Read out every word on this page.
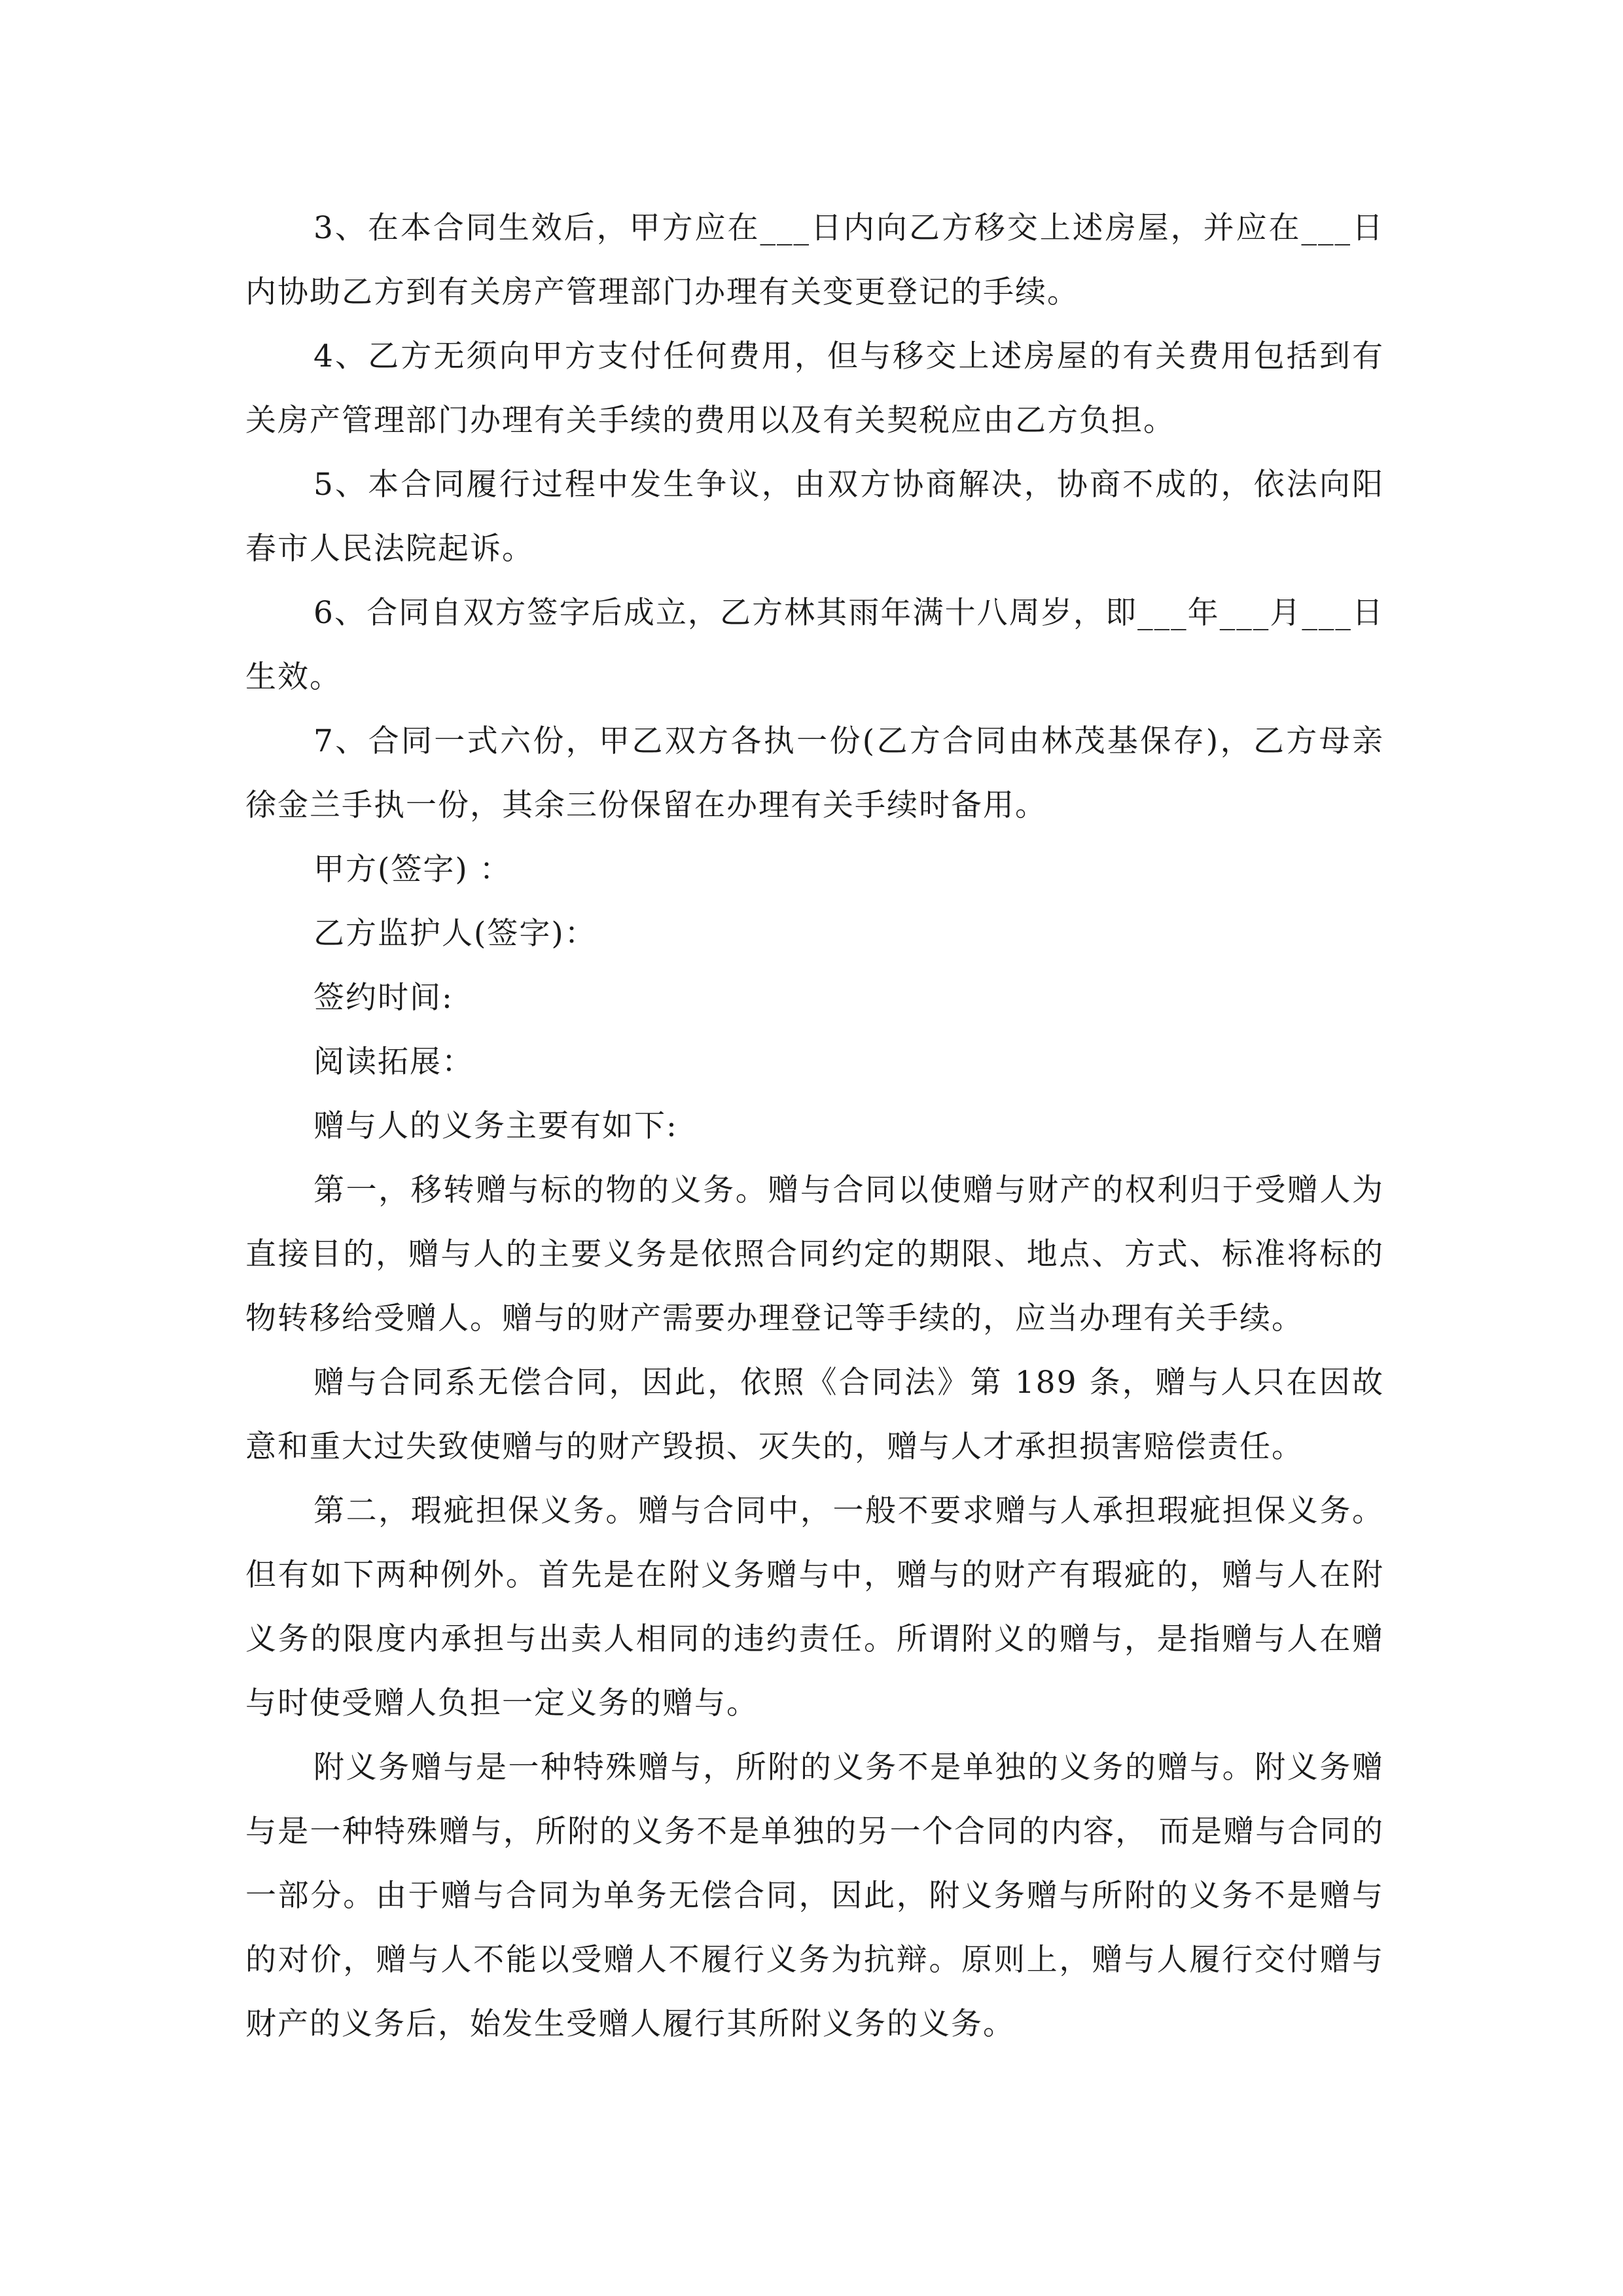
3、在本合同生效后，甲方应在___日内向乙方移交上述房屋，并应在___日内协助乙方到有关房产管理部门办理有关变更登记的手续。

4、乙方无须向甲方支付任何费用，但与移交上述房屋的有关费用包括到有关房产管理部门办理有关手续的费用以及有关契税应由乙方负担。

5、本合同履行过程中发生争议，由双方协商解决，协商不成的，依法向阳春市人民法院起诉。

6、合同自双方签字后成立，乙方林其雨年满十八周岁，即___年___月___日生效。

7、合同一式六份，甲乙双方各执一份(乙方合同由林茂基保存)，乙方母亲徐金兰手执一份，其余三份保留在办理有关手续时备用。

甲方(签字) ：

乙方监护人(签字)：

签约时间:

阅读拓展：

赠与人的义务主要有如下:

第一，移转赠与标的物的义务。赠与合同以使赠与财产的权利归于受赠人为直接目的，赠与人的主要义务是依照合同约定的期限、地点、方式、标准将标的物转移给受赠人。赠与的财产需要办理登记等手续的，应当办理有关手续。

赠与合同系无偿合同，因此，依照《合同法》第 189 条，赠与人只在因故意和重大过失致使赠与的财产毁损、灭失的，赠与人才承担损害赔偿责任。

第二，瑕疵担保义务。赠与合同中，一般不要求赠与人承担瑕疵担保义务。但有如下两种例外。首先是在附义务赠与中，赠与的财产有瑕疵的，赠与人在附义务的限度内承担与出卖人相同的违约责任。所谓附义的赠与，是指赠与人在赠与时使受赠人负担一定义务的赠与。

附义务赠与是一种特殊赠与，所附的义务不是单独的义务的赠与。附义务赠与是一种特殊赠与，所附的义务不是单独的另一个合同的内容， 而是赠与合同的一部分。由于赠与合同为单务无偿合同，因此，附义务赠与所附的义务不是赠与的对价，赠与人不能以受赠人不履行义务为抗辩。原则上，赠与人履行交付赠与财产的义务后，始发生受赠人履行其所附义务的义务。
